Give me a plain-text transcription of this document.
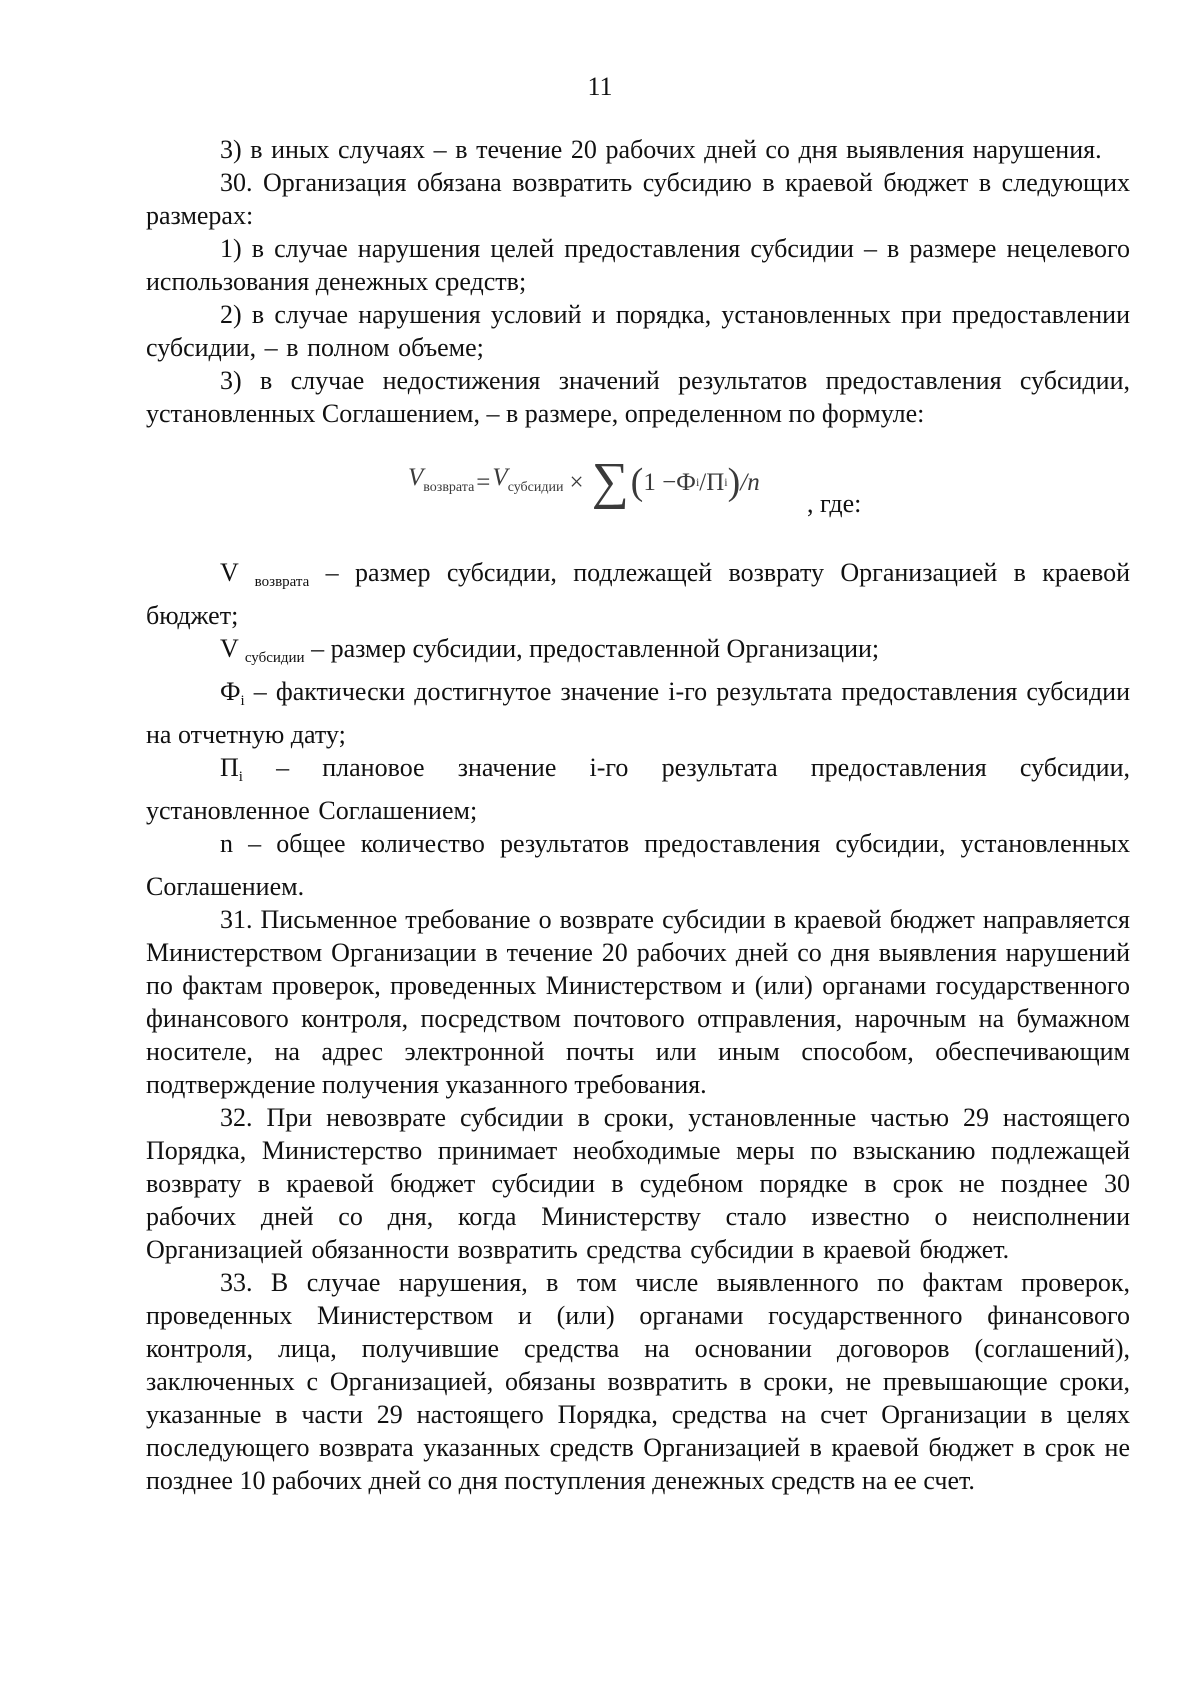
11

3) в иных случаях – в течение 20 рабочих дней со дня выявления нарушения.

30. Организация обязана возвратить субсидию в краевой бюджет в следующих размерах:

1) в случае нарушения целей предоставления субсидии – в размере нецелевого использования денежных средств;

2) в случае нарушения условий и порядка, установленных при предоставлении субсидии, – в полном объеме;

3) в случае недостижения значений результатов предоставления субсидии, установленных Соглашением, – в размере, определенном по формуле:

$V_{возврата} = V_{субсидии}$ × ∑ ( 1 − Ф i / П i ) /n
, где:

V возврата – размер субсидии, подлежащей возврату Организацией в краевой бюджет;

V субсидии – размер субсидии, предоставленной Организации;

Фi – фактически достигнутое значение i-го результата предоставления субсидии на отчетную дату;

Пi – плановое значение i-го результата предоставления субсидии, установленное Соглашением;

n – общее количество результатов предоставления субсидии, установленных Соглашением.

31. Письменное требование о возврате субсидии в краевой бюджет направляется Министерством Организации в течение 20 рабочих дней со дня выявления нарушений по фактам проверок, проведенных Министерством и (или) органами государственного финансового контроля, посредством почтового отправления, нарочным на бумажном носителе, на адрес электронной почты или иным способом, обеспечивающим подтверждение получения указанного требования.

32. При невозврате субсидии в сроки, установленные частью 29 настоящего Порядка, Министерство принимает необходимые меры по взысканию подлежащей возврату в краевой бюджет субсидии в судебном порядке в срок не позднее 30 рабочих дней со дня, когда Министерству стало известно о неисполнении Организацией обязанности возвратить средства субсидии в краевой бюджет.

33. В случае нарушения, в том числе выявленного по фактам проверок, проведенных Министерством и (или) органами государственного финансового контроля, лица, получившие средства на основании договоров (соглашений), заключенных с Организацией, обязаны возвратить в сроки, не превышающие сроки, указанные в части 29 настоящего Порядка, средства на счет Организации в целях последующего возврата указанных средств Организацией в краевой бюджет в срок не позднее 10 рабочих дней со дня поступления денежных средств на ее счет.
